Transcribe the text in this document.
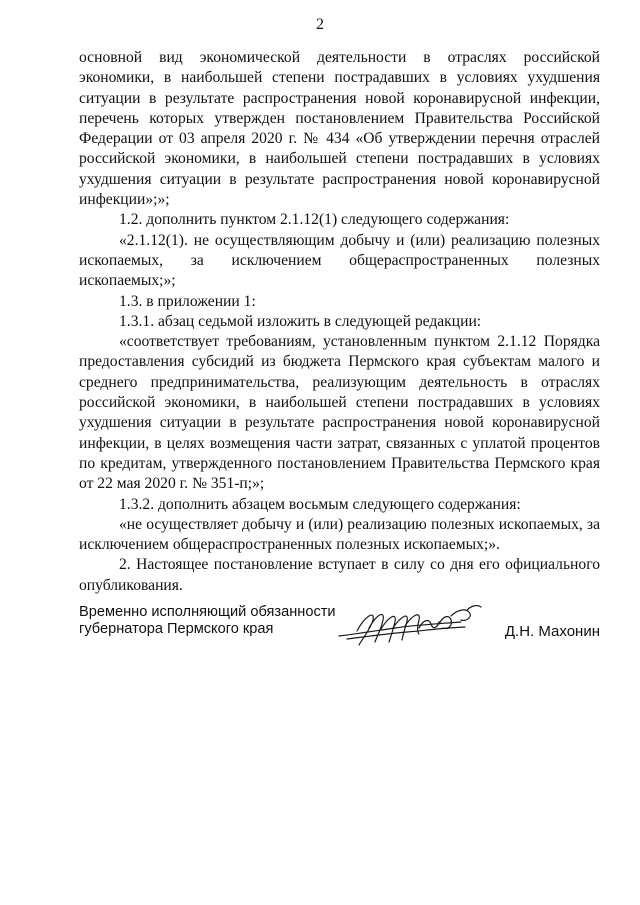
2

основной вид экономической деятельности в отраслях российской экономики, в наибольшей степени пострадавших в условиях ухудшения ситуации в результате распространения новой коронавирусной инфекции, перечень которых утвержден постановлением Правительства Российской Федерации от 03 апреля 2020 г. № 434 «Об утверждении перечня отраслей российской экономики, в наибольшей степени пострадавших в условиях ухудшения ситуации в результате распространения новой коронавирусной инфекции»;»;

1.2. дополнить пунктом 2.1.12(1) следующего содержания:

«2.1.12(1). не осуществляющим добычу и (или) реализацию полезных ископаемых, за исключением общераспространенных полезных ископаемых;»;

1.3. в приложении 1:

1.3.1. абзац седьмой изложить в следующей редакции:

«соответствует требованиям, установленным пунктом 2.1.12 Порядка предоставления субсидий из бюджета Пермского края субъектам малого и среднего предпринимательства, реализующим деятельность в отраслях российской экономики, в наибольшей степени пострадавших в условиях ухудшения ситуации в результате распространения новой коронавирусной инфекции, в целях возмещения части затрат, связанных с уплатой процентов по кредитам, утвержденного постановлением Правительства Пермского края от 22 мая 2020 г. № 351-п;»;

1.3.2. дополнить абзацем восьмым следующего содержания:

«не осуществляет добычу и (или) реализацию полезных ископаемых, за исключением общераспространенных полезных ископаемых;».

2. Настоящее постановление вступает в силу со дня его официального опубликования.

Временно исполняющий обязанности
губернатора Пермского края	Д.Н. Махонин
